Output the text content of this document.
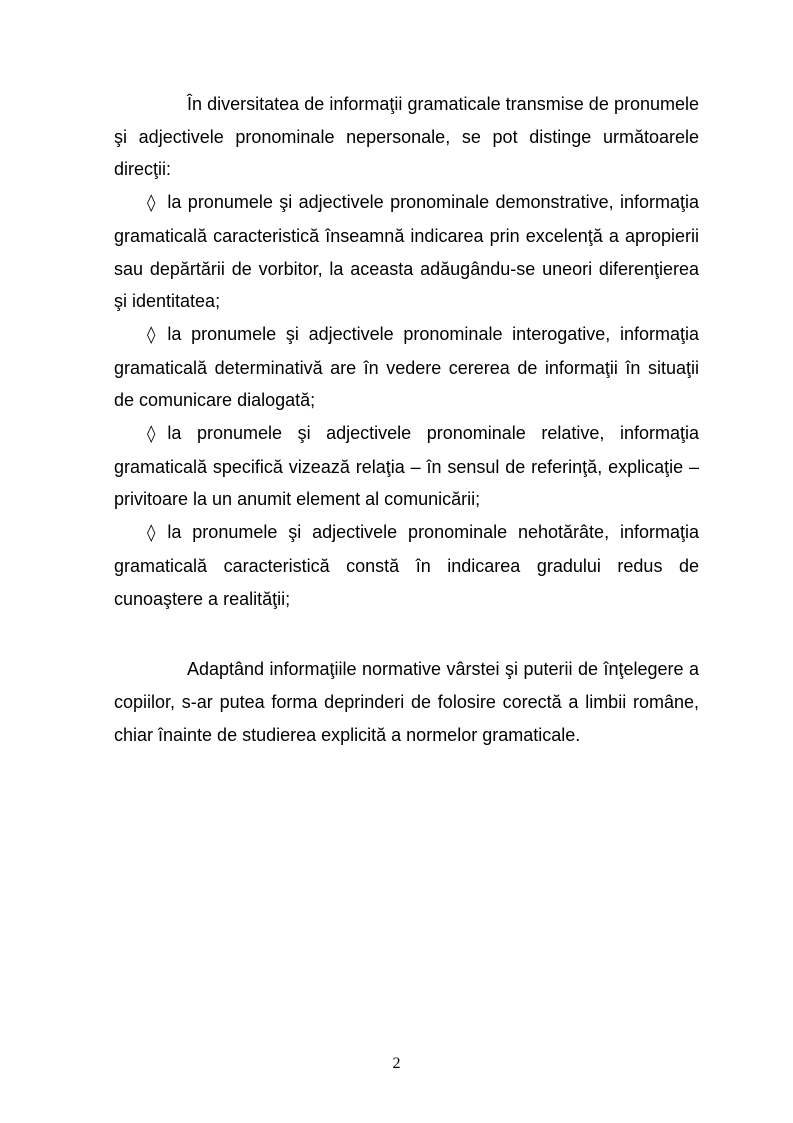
În diversitatea de informaţii gramaticale transmise de pronumele şi adjectivele pronominale nepersonale, se pot distinge următoarele direcţii:

◊ la pronumele şi adjectivele pronominale demonstrative, informaţia gramaticală caracteristică înseamnă indicarea prin excelenţă a apropierii sau depărtării de vorbitor, la aceasta adăugându-se uneori diferenţierea şi identitatea;

◊ la pronumele şi adjectivele pronominale interogative, informaţia gramaticală determinativă are în vedere cererea de informaţii în situaţii de comunicare dialogată;

◊ la pronumele şi adjectivele pronominale relative, informaţia gramaticală specifică vizează relaţia – în sensul de referinţă, explicaţie – privitoare la un anumit element al comunicării;

◊ la pronumele şi adjectivele pronominale nehotărâte, informaţia gramaticală caracteristică constă în indicarea gradului redus de cunoaştere a realităţii;

Adaptând informaţiile normative vârstei şi puterii de înţelegere a copiilor, s-ar putea forma deprinderi de folosire corectă a limbii române, chiar înainte de studierea explicită a normelor gramaticale.

2
